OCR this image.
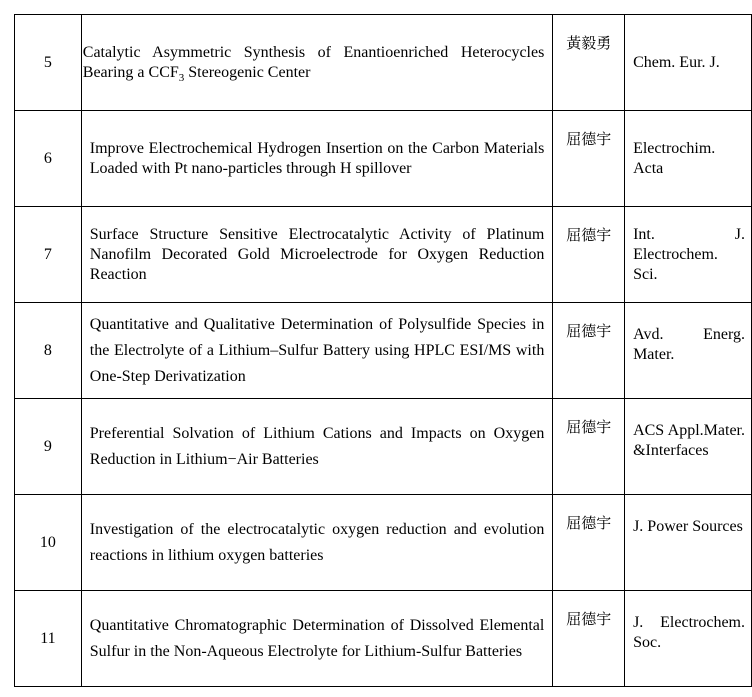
5	Catalytic Asymmetric Synthesis of Enantioenriched Heterocycles Bearing a $CCF_3$ Stereogenic Center	黃毅勇	Chem. Eur. J.
6	Improve Electrochemical Hydrogen Insertion on the Carbon Materials Loaded with Pt nano-particles through H spillover	屈德宇	Electrochim. Acta
7	Surface Structure Sensitive Electrocatalytic Activity of Platinum Nanofilm Decorated Gold Microelectrode for Oxygen Reduction Reaction	屈德宇	Int. J. Electrochem. Sci.
8	Quantitative and Qualitative Determination of Polysulfide Species in the Electrolyte of a Lithium–Sulfur Battery using HPLC ESI/MS with One-Step Derivatization	屈德宇	Avd. Energ. Mater.
9	Preferential Solvation of Lithium Cations and Impacts on Oxygen Reduction in Lithium−Air Batteries	屈德宇	ACS Appl.Mater. &Interfaces
10	Investigation of the electrocatalytic oxygen reduction and evolution reactions in lithium oxygen batteries	屈德宇	J. Power Sources
11	Quantitative Chromatographic Determination of Dissolved Elemental Sulfur in the Non-Aqueous Electrolyte for Lithium-Sulfur Batteries	屈德宇	J. Electrochem. Soc.
